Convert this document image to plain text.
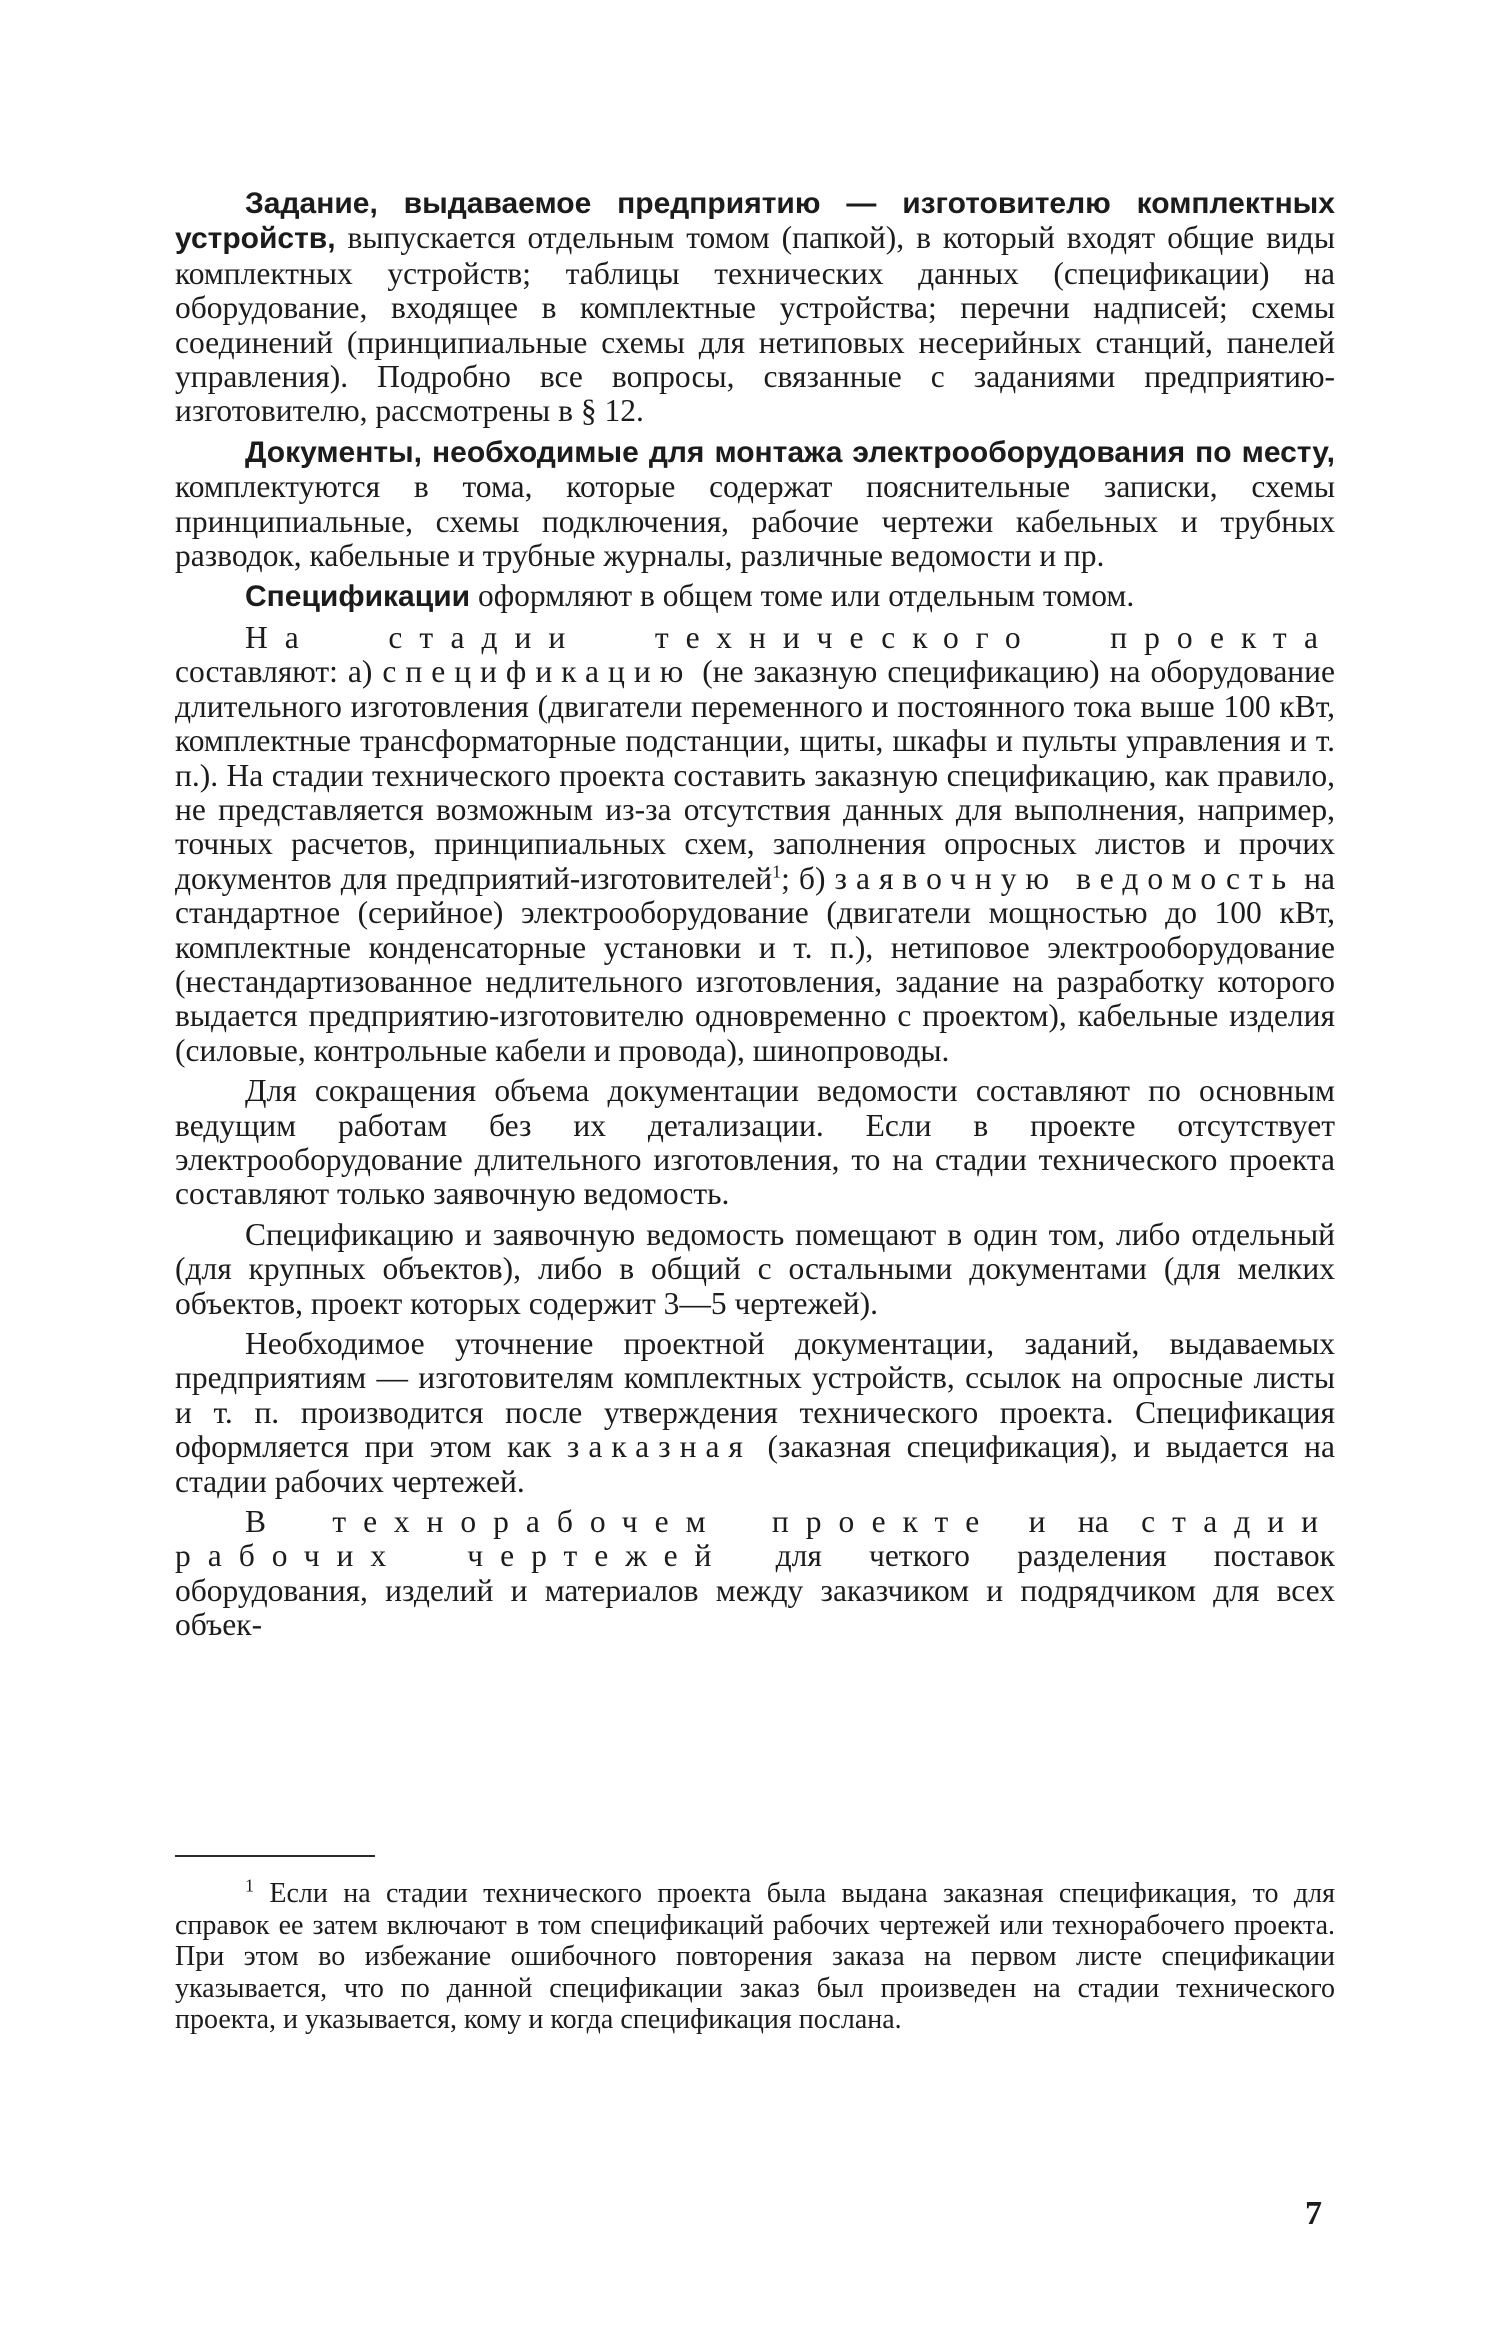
Задание, выдаваемое предприятию — изготовителю комплектных устройств, выпускается отдельным томом (папкой), в который входят общие виды комплектных устройств; таблицы технических данных (спецификации) на оборудование, входящее в комплектные устройства; перечни надписей; схемы соединений (принципиальные схемы для нетиповых несерийных станций, панелей управления). Подробно все вопросы, связанные с заданиями предприятию-изготовителю, рассмотрены в § 12.

Документы, необходимые для монтажа электрооборудования по месту, комплектуются в тома, которые содержат пояснительные записки, схемы принципиальные, схемы подключения, рабочие чертежи кабельных и трубных разводок, кабельные и трубные журналы, различные ведомости и пр.

Спецификации оформляют в общем томе или отдельным томом.

На стадии технического проекта составляют: а) спецификацию (не заказную спецификацию) на оборудование длительного изготовления (двигатели переменного и постоянного тока выше 100 кВт, комплектные трансформаторные подстанции, щиты, шкафы и пульты управления и т. п.). На стадии технического проекта составить заказную спецификацию, как правило, не представляется возможным из-за отсутствия данных для выполнения, например, точных расчетов, принципиальных схем, заполнения опросных листов и прочих документов для предприятий-изготовителей$^1$; б) заявочную ведомость на стандартное (серийное) электрооборудование (двигатели мощностью до 100 кВт, комплектные конденсаторные установки и т. п.), нетиповое электрооборудование (нестандартизованное недлительного изготовления, задание на разработку которого выдается предприятию-изготовителю одновременно с проектом), кабельные изделия (силовые, контрольные кабели и провода), шинопроводы.

Для сокращения объема документации ведомости составляют по основным ведущим работам без их детализации. Если в проекте отсутствует электрооборудование длительного изготовления, то на стадии технического проекта составляют только заявочную ведомость.

Спецификацию и заявочную ведомость помещают в один том, либо отдельный (для крупных объектов), либо в общий с остальными документами (для мелких объектов, проект которых содержит 3—5 чертежей).

Необходимое уточнение проектной документации, заданий, выдаваемых предприятиям — изготовителям комплектных устройств, ссылок на опросные листы и т. п. производится после утверждения технического проекта. Спецификация оформляется при этом как заказная (заказная спецификация), и выдается на стадии рабочих чертежей.

В технорабочем проекте и на стадии рабочих чертежей для четкого разделения поставок оборудования, изделий и материалов между заказчиком и подрядчиком для всех объек-

$^1$ Если на стадии технического проекта была выдана заказная спецификация, то для справок ее затем включают в том спецификаций рабочих чертежей или технорабочего проекта. При этом во избежание ошибочного повторения заказа на первом листе спецификации указывается, что по данной спецификации заказ был произведен на стадии технического проекта, и указывается, кому и когда спецификация послана.

7
